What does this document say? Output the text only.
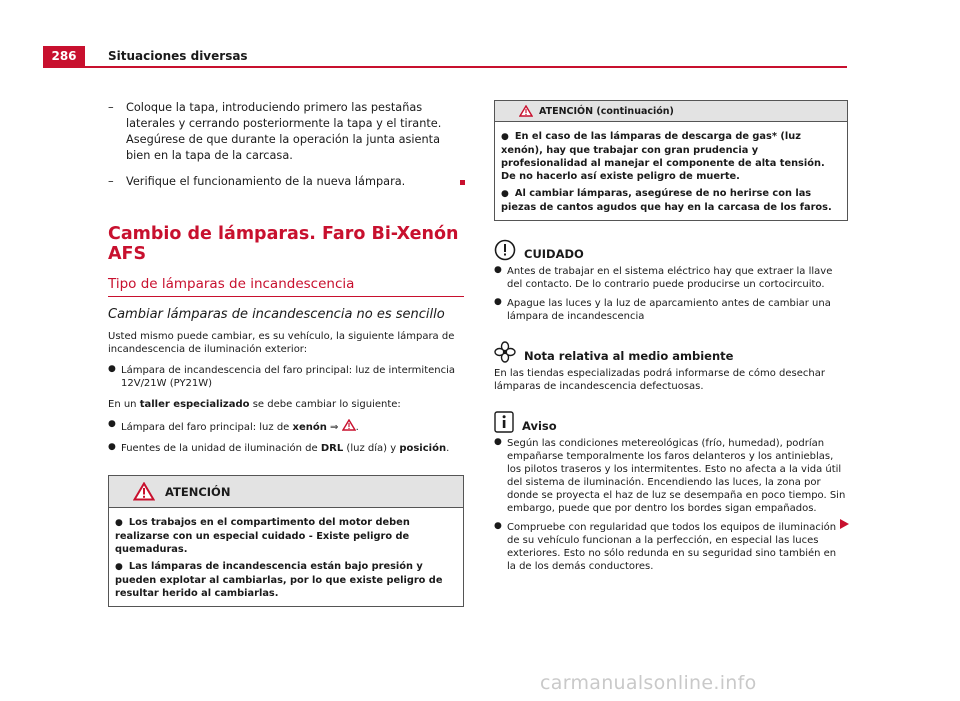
286	Situaciones diversas
– Coloque la tapa, introduciendo primero las pestañas laterales y cerrando posteriormente la tapa y el tirante. Asegúrese de que durante la operación la junta asienta bien en la tapa de la carcasa.
– Verifique el funcionamiento de la nueva lámpara.
Cambio de lámparas. Faro Bi-Xenón AFS
Tipo de lámparas de incandescencia
Cambiar lámparas de incandescencia no es sencillo

Usted mismo puede cambiar, es su vehículo, la siguiente lámpara de incandescencia de iluminación exterior:

● Lámpara de incandescencia del faro principal: luz de intermitencia 12V/21W (PY21W)

En un taller especializado se debe cambiar lo siguiente:

● Lámpara del faro principal: luz de xenón ⇒ .
● Fuentes de la unidad de iluminación de DRL (luz día) y posición.
ATENCIÓN
● Los trabajos en el compartimento del motor deben realizarse con un especial cuidado - Existe peligro de quemaduras.
● Las lámparas de incandescencia están bajo presión y pueden explotar al cambiarlas, por lo que existe peligro de resultar herido al cambiarlas.
ATENCIÓN (continuación)
● En el caso de las lámparas de descarga de gas* (luz xenón), hay que trabajar con gran prudencia y profesionalidad al manejar el componente de alta tensión. De no hacerlo así existe peligro de muerte.
● Al cambiar lámparas, asegúrese de no herirse con las piezas de cantos agudos que hay en la carcasa de los faros.
CUIDADO
● Antes de trabajar en el sistema eléctrico hay que extraer la llave del contacto. De lo contrario puede producirse un cortocircuito.
● Apague las luces y la luz de aparcamiento antes de cambiar una lámpara de incandescencia
Nota relativa al medio ambiente

En las tiendas especializadas podrá informarse de cómo desechar lámparas de incandescencia defectuosas.

Aviso
● Según las condiciones metereológicas (frío, humedad), podrían empañarse temporalmente los faros delanteros y los antinieblas, los pilotos traseros y los intermitentes. Esto no afecta a la vida útil del sistema de iluminación. Encendiendo las luces, la zona por donde se proyecta el haz de luz se desempaña en poco tiempo. Sin embargo, puede que por dentro los bordes sigan empañados.
● Compruebe con regularidad que todos los equipos de iluminación de su vehículo funcionan a la perfección, en especial las luces exteriores. Esto no sólo redunda en su seguridad sino también en la de los demás conductores.
carmanualsonline.info
